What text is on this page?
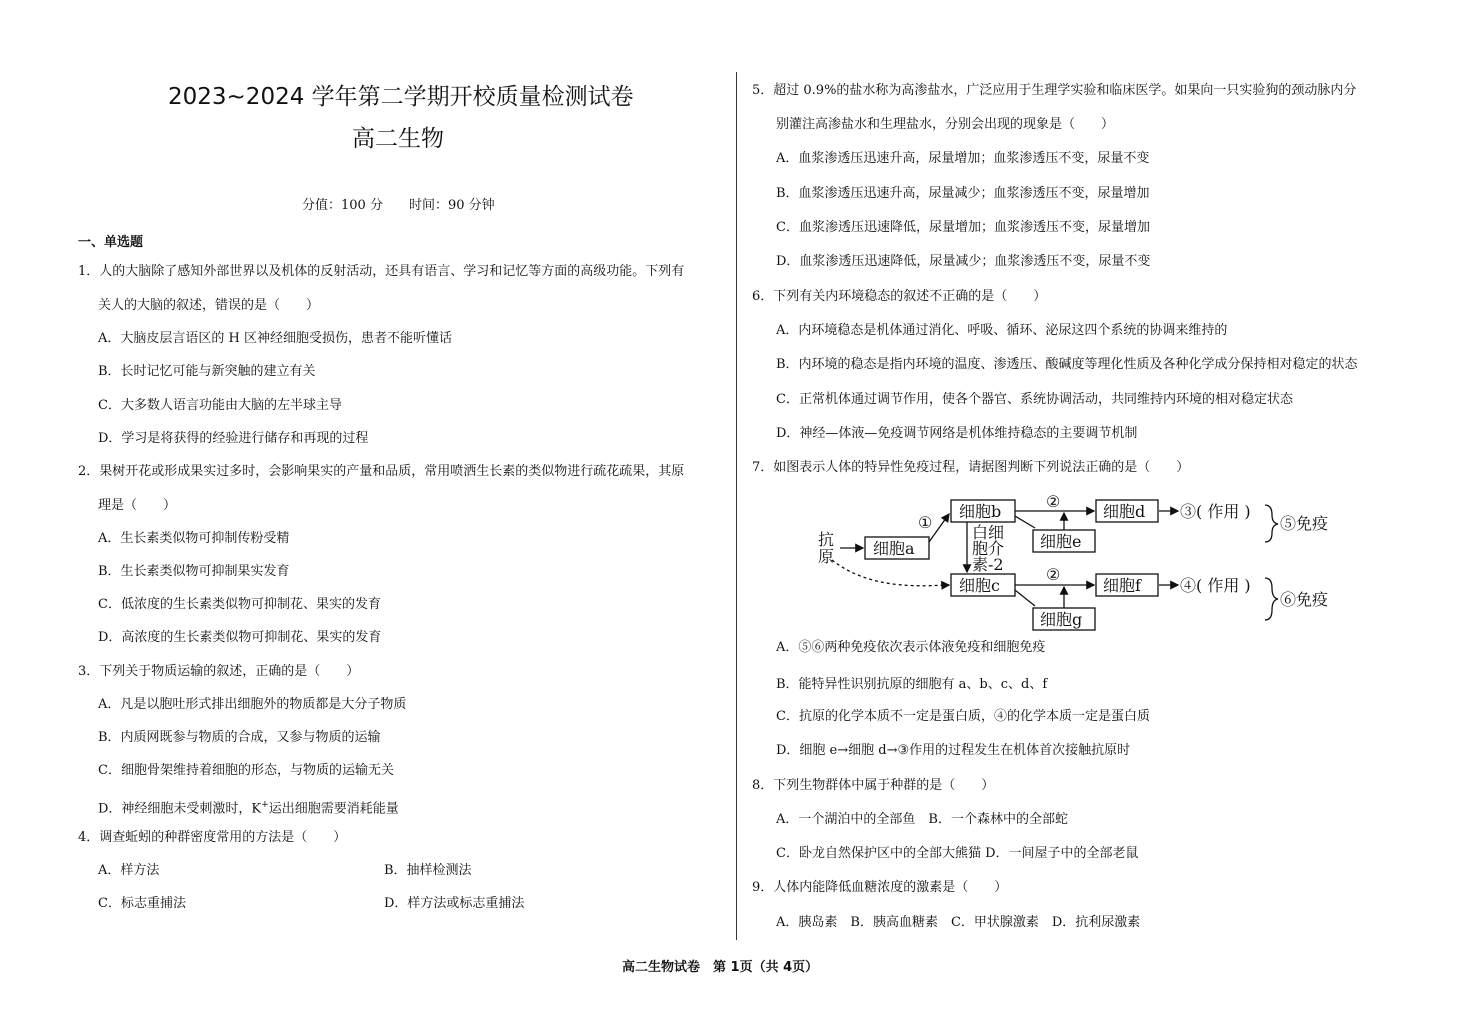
2023~2024 学年第二学期开校质量检测试卷
高二生物
分值：100 分　　时间：90 分钟
一、单选题
1．人的大脑除了感知外部世界以及机体的反射活动，还具有语言、学习和记忆等方面的高级功能。下列有
关人的大脑的叙述，错误的是（　　）
A．大脑皮层言语区的 H 区神经细胞受损伤，患者不能听懂话
B．长时记忆可能与新突触的建立有关
C．大多数人语言功能由大脑的左半球主导
D．学习是将获得的经验进行储存和再现的过程
2．果树开花或形成果实过多时，会影响果实的产量和品质，常用喷洒生长素的类似物进行疏花疏果，其原
理是（　　）
A．生长素类似物可抑制传粉受精
B．生长素类似物可抑制果实发育
C．低浓度的生长素类似物可抑制花、果实的发育
D．高浓度的生长素类似物可抑制花、果实的发育
3．下列关于物质运输的叙述，正确的是（　　）
A．凡是以胞吐形式排出细胞外的物质都是大分子物质
B．内质网既参与物质的合成，又参与物质的运输
C．细胞骨架维持着细胞的形态，与物质的运输无关
D．神经细胞未受刺激时，K+运出细胞需要消耗能量
4．调查蚯蚓的种群密度常用的方法是（　　）
A．样方法	B．抽样检测法
C．标志重捕法	D．样方法或标志重捕法
5．超过 0.9%的盐水称为高渗盐水，广泛应用于生理学实验和临床医学。如果向一只实验狗的颈动脉内分
别灌注高渗盐水和生理盐水，分别会出现的现象是（　　）
A．血浆渗透压迅速升高，尿量增加；血浆渗透压不变，尿量不变
B．血浆渗透压迅速升高，尿量减少；血浆渗透压不变，尿量增加
C．血浆渗透压迅速降低，尿量增加；血浆渗透压不变，尿量增加
D．血浆渗透压迅速降低，尿量减少；血浆渗透压不变，尿量不变
6．下列有关内环境稳态的叙述不正确的是（　　）
A．内环境稳态是机体通过消化、呼吸、循环、泌尿这四个系统的协调来维持的
B．内环境的稳态是指内环境的温度、渗透压、酸碱度等理化性质及各种化学成分保持相对稳定的状态
C．正常机体通过调节作用，使各个器官、系统协调活动，共同维持内环境的相对稳定状态
D．神经—体液—免疫调节网络是机体维持稳态的主要调节机制
7．如图表示人体的特异性免疫过程，请据图判断下列说法正确的是（　　）
抗
原 细胞a
细胞b
细胞c
细胞d
细胞e
细胞f
细胞g
白细
胞介
素-2
①
②
②
③( 作用 )
④( 作用 )
⑤免疫
⑥免疫
A．⑤⑥两种免疫依次表示体液免疫和细胞免疫
B．能特异性识别抗原的细胞有 a、b、c、d、f
C．抗原的化学本质不一定是蛋白质，④的化学本质一定是蛋白质
D．细胞 e→细胞 d→③作用的过程发生在机体首次接触抗原时
8．下列生物群体中属于种群的是（　　）
A．一个湖泊中的全部鱼　B．一个森林中的全部蛇
C．卧龙自然保护区中的全部大熊猫 D．一间屋子中的全部老鼠
9．人体内能降低血糖浓度的激素是（　　）
A．胰岛素　B．胰高血糖素　C．甲状腺激素　D．抗利尿激素
高二生物试卷　第 1页（共 4页）
